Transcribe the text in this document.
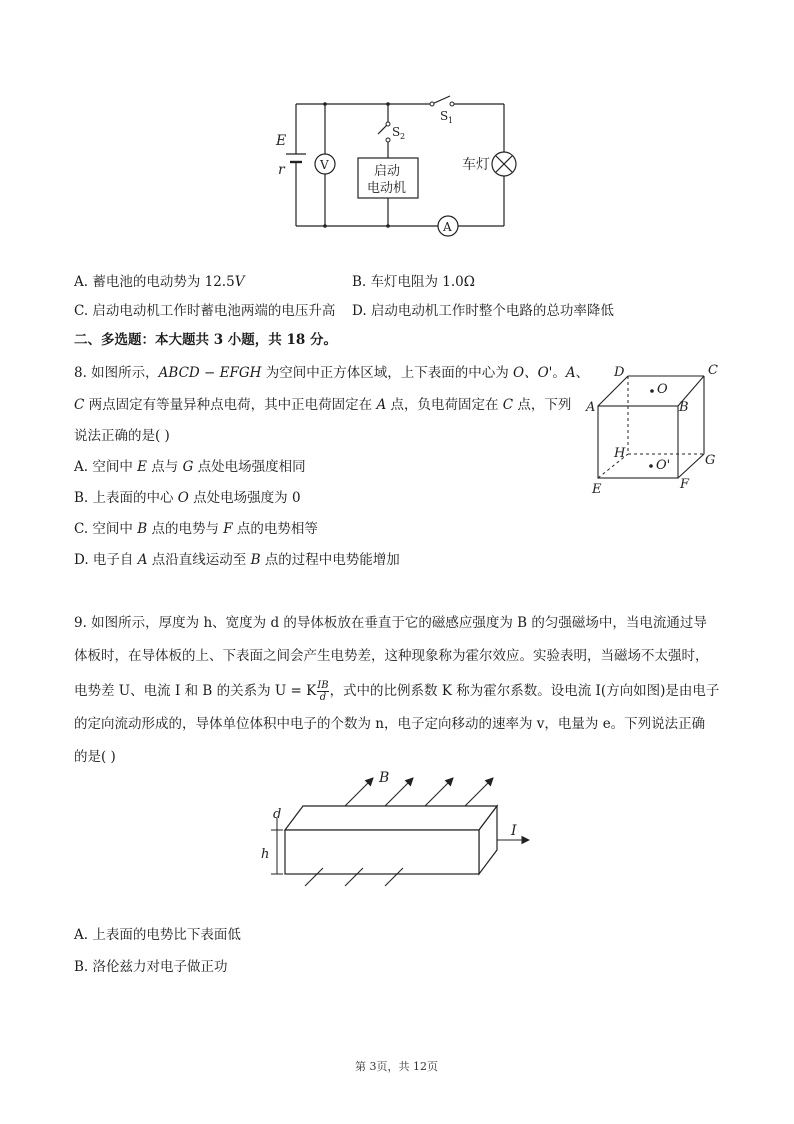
E
r	V
A
S 1
S 2
启动
电动机
车灯
A. 蓄电池的电动势为 12.5V	B. 车灯电阻为 1.0Ω
C. 启动电动机工作时蓄电池两端的电压升高 D. 启动电动机工作时整个电路的总功率降低
二、多选题：本大题共 3 小题，共 18 分。
8. 如图所示，ABCD − EFGH 为空间中正方体区域，上下表面的中心为 O、O'。A、
C 两点固定有等量异种点电荷，其中正电荷固定在 A 点，负电荷固定在 C 点，下列
说法正确的是( )
A. 空间中 E 点与 G 点处电场强度相同
B. 上表面的中心 O 点处电场强度为 0
C. 空间中 B 点的电势与 F 点的电势相等
D. 电子自 A 点沿直线运动至 B 点的过程中电势能增加
D	C
A	B
O
H
O'	G
E	F
9. 如图所示，厚度为 h、宽度为 d 的导体板放在垂直于它的磁感应强度为 B 的匀强磁场中，当电流通过导
体板时，在导体板的上、下表面之间会产生电势差，这种现象称为霍尔效应。实验表明，当磁场不太强时，
电势差 U、电流 I 和 B 的关系为 U = K $\frac{IB}{d}$ ，式中的比例系数 K 称为霍尔系数。设电流 I(方向如图)是由电子
的定向流动形成的，导体单位体积中电子的个数为 n，电子定向移动的速率为 v，电量为 e。下列说法正确
的是( )
B
I
d
h
A. 上表面的电势比下表面低
B. 洛伦兹力对电子做正功
第 3页，共 12页
